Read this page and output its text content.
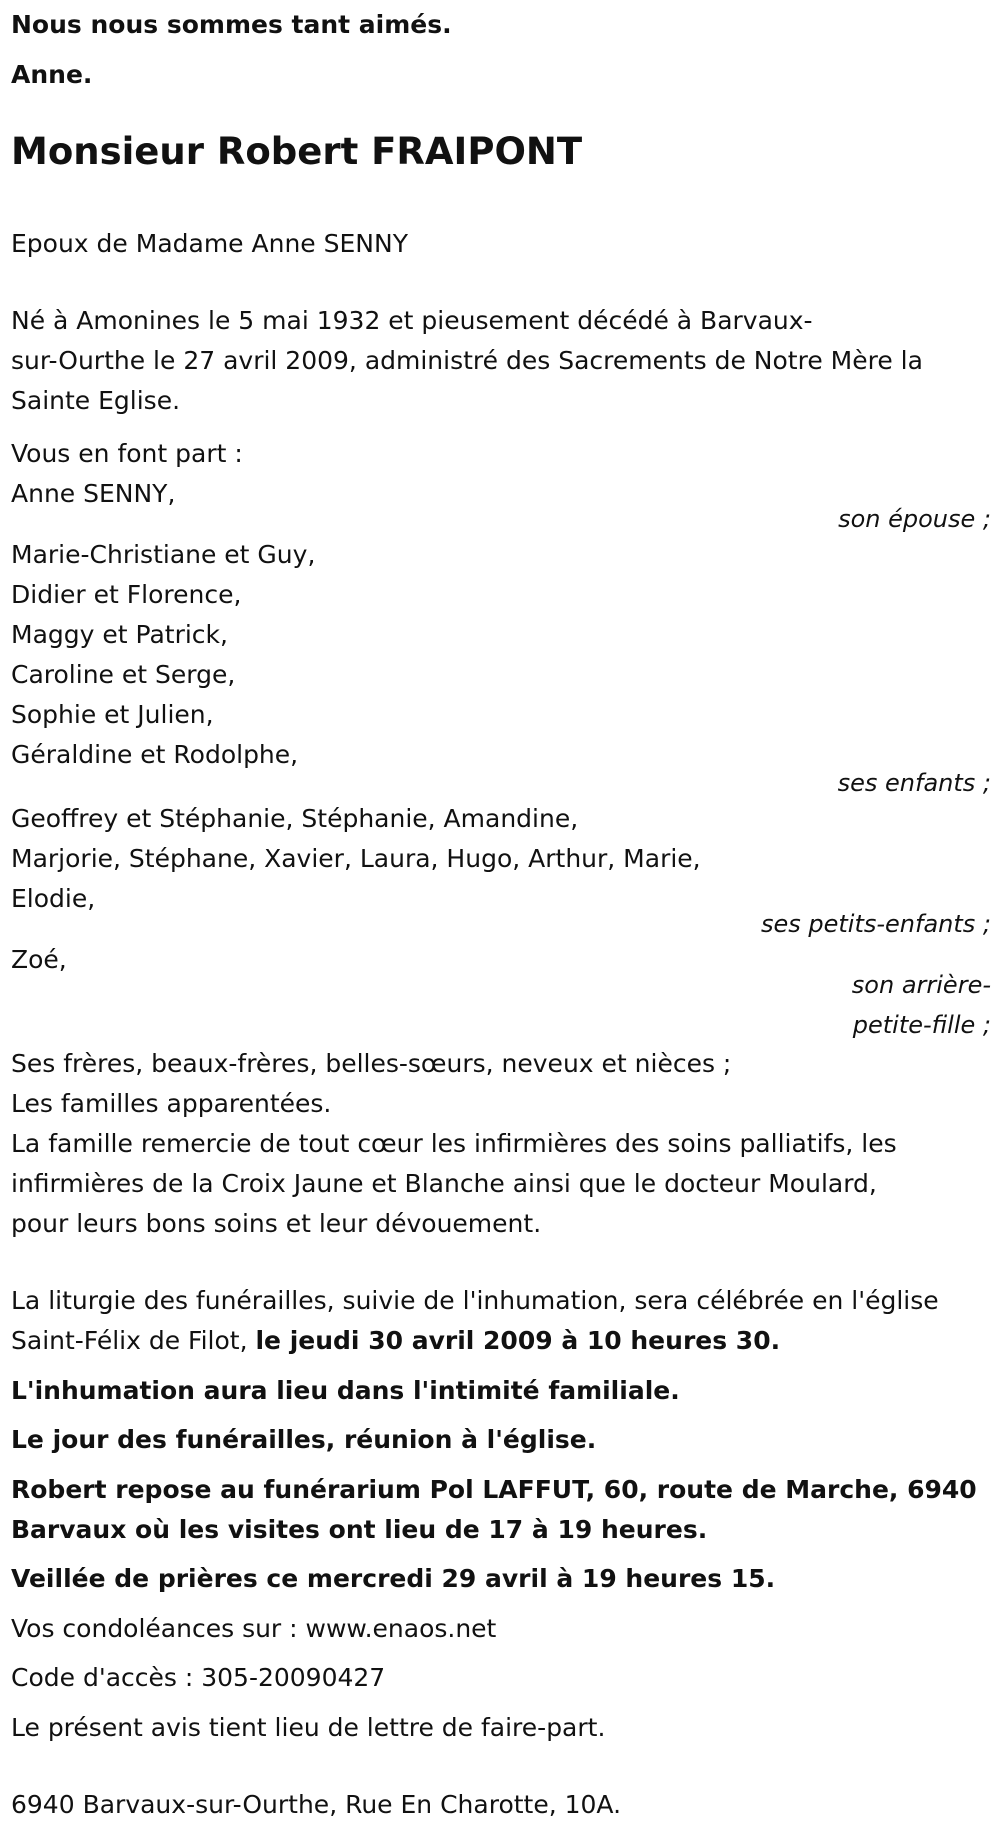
Nous nous sommes tant aimés.
Anne.
Monsieur Robert FRAIPONT
Epoux de Madame Anne SENNY
Né à Amonines le 5 mai 1932 et pieusement décédé à Barvaux-
sur-Ourthe le 27 avril 2009, administré des Sacrements de Notre Mère la
Sainte Eglise.
Vous en font part :
Anne SENNY,
son épouse ;
Marie-Christiane et Guy,
Didier et Florence,
Maggy et Patrick,
Caroline et Serge,
Sophie et Julien,
Géraldine et Rodolphe,
ses enfants ;
Geoffrey et Stéphanie, Stéphanie, Amandine,
Marjorie, Stéphane, Xavier, Laura, Hugo, Arthur, Marie,
Elodie,
ses petits-enfants ;
Zoé,
son arrière-
petite-fille ;
Ses frères, beaux-frères, belles-sœurs, neveux et nièces ;
Les familles apparentées.
La famille remercie de tout cœur les infirmières des soins palliatifs, les
infirmières de la Croix Jaune et Blanche ainsi que le docteur Moulard,
pour leurs bons soins et leur dévouement.
La liturgie des funérailles, suivie de l'inhumation, sera célébrée en l'église
Saint-Félix de Filot, le jeudi 30 avril 2009 à 10 heures 30.
L'inhumation aura lieu dans l'intimité familiale.
Le jour des funérailles, réunion à l'église.
Robert repose au funérarium Pol LAFFUT, 60, route de Marche, 6940
Barvaux où les visites ont lieu de 17 à 19 heures.
Veillée de prières ce mercredi 29 avril à 19 heures 15.
Vos condoléances sur : www.enaos.net
Code d'accès : 305-20090427
Le présent avis tient lieu de lettre de faire-part.
6940 Barvaux-sur-Ourthe, Rue En Charotte, 10A.
